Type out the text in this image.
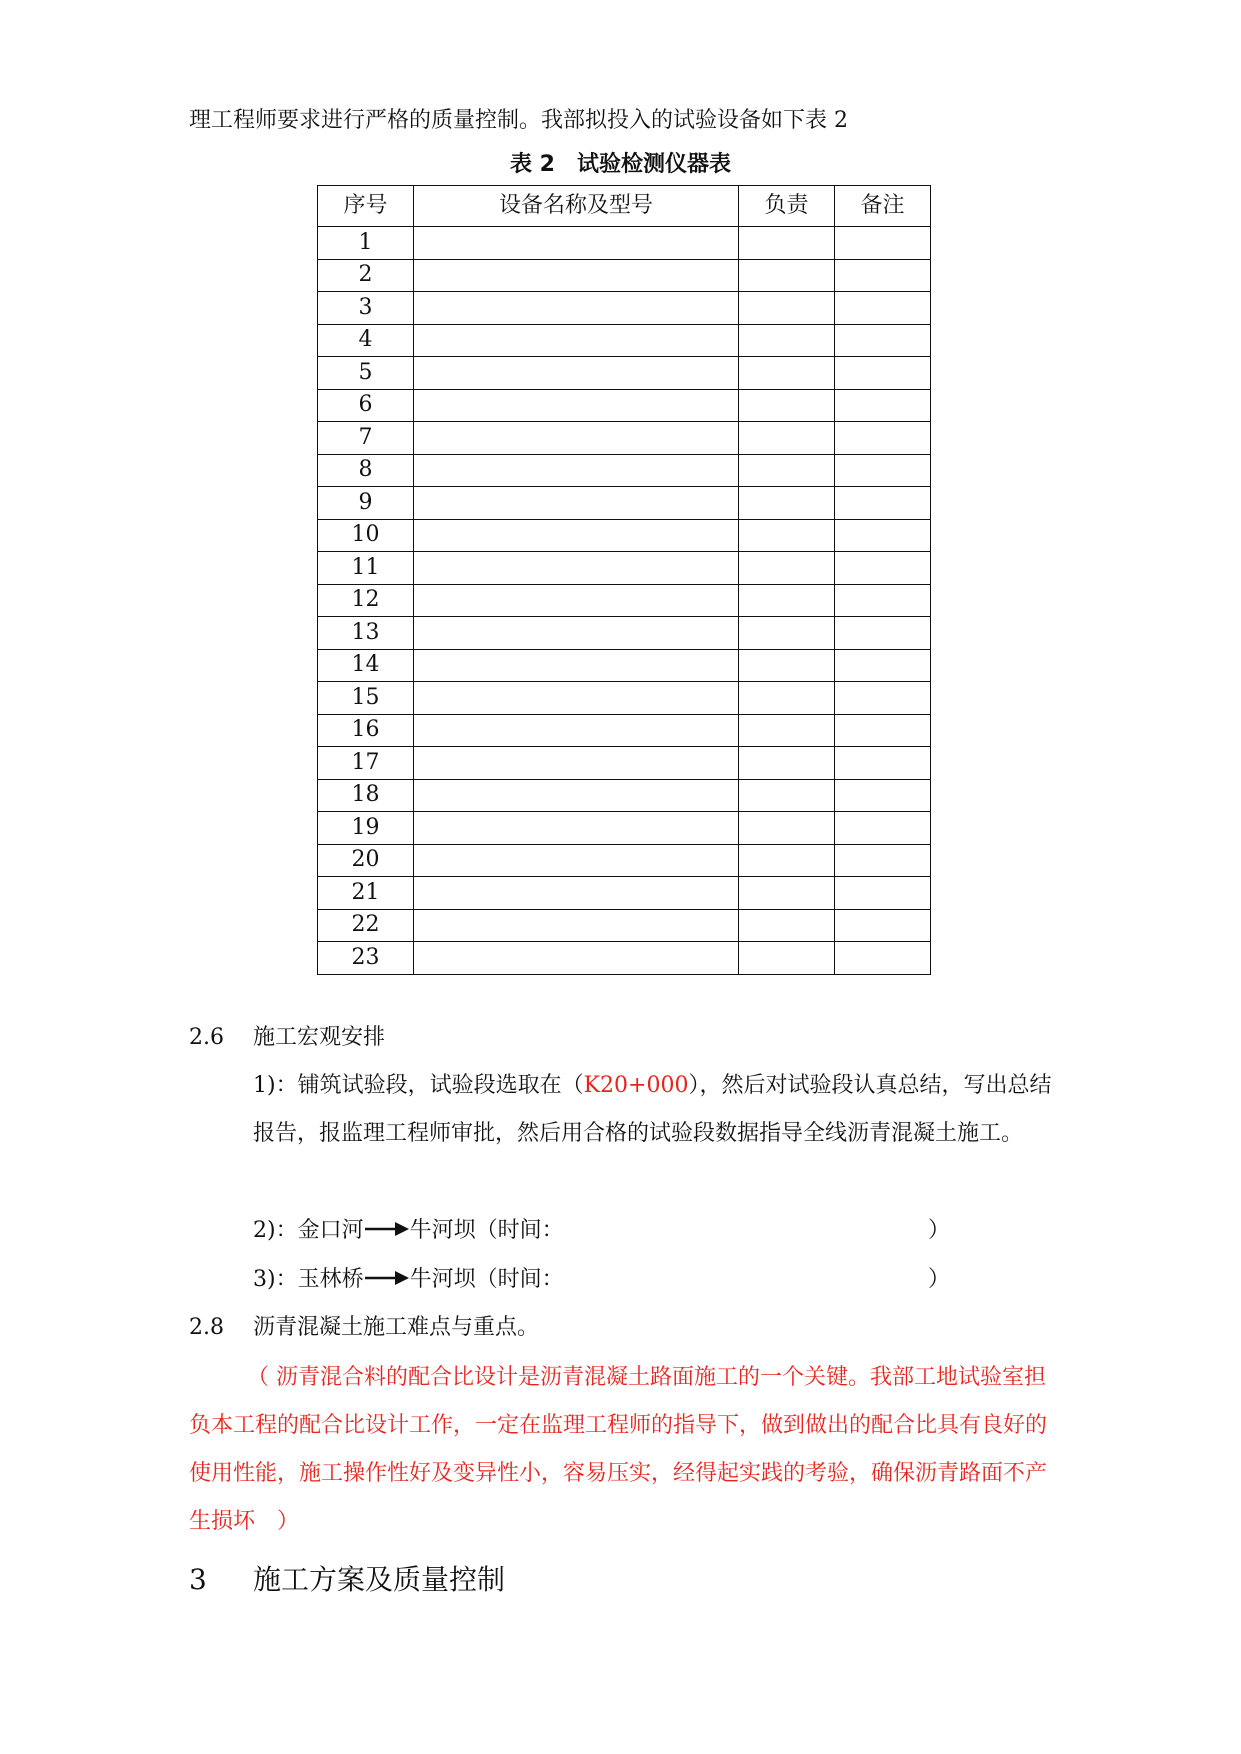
理工程师要求进行严格的质量控制。我部拟投入的试验设备如下表 2
表 2　试验检测仪器表
序号	设备名称及型号	负责	备注
1			
2			
3			
4			
5			
6			
7			
8			
9			
10			
11			
12			
13			
14			
15			
16			
17			
18			
19			
20			
21			
22			
23			
2.6 施工宏观安排
1)：铺筑试验段，试验段选取在（K20+000），然后对试验段认真总结，写出总结报告，报监理工程师审批，然后用合格的试验段数据指导全线沥青混凝土施工。
2)：金口河 牛河坝（时间：	）
3)：玉林桥 牛河坝（时间：	）
2.8 沥青混凝土施工难点与重点。
（ 沥青混合料的配合比设计是沥青混凝土路面施工的一个关键。我部工地试验室担负本工程的配合比设计工作，一定在监理工程师的指导下，做到做出的配合比具有良好的使用性能，施工操作性好及变异性小，容易压实，经得起实践的考验，确保沥青路面不产生损坏　）
3 施工方案及质量控制
